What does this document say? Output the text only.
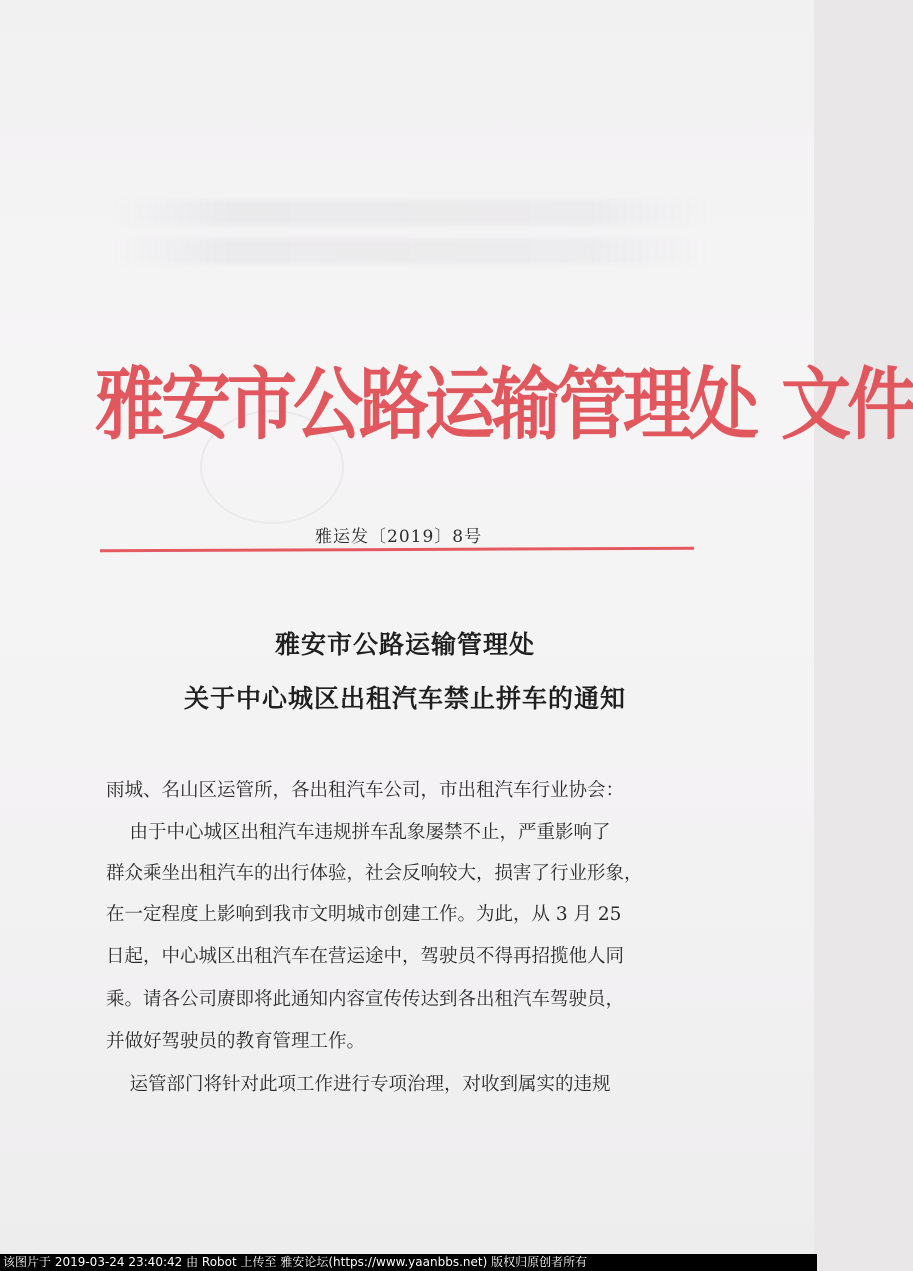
雅安市公路运输管理处 文件
雅运发〔2019〕8号
雅安市公路运输管理处
关于中心城区出租汽车禁止拼车的通知
雨城、名山区运管所，各出租汽车公司，市出租汽车行业协会：
由于中心城区出租汽车违规拼车乱象屡禁不止，严重影响了
群众乘坐出租汽车的出行体验，社会反响较大，损害了行业形象，
在一定程度上影响到我市文明城市创建工作。为此，从 3 月 25
日起，中心城区出租汽车在营运途中，驾驶员不得再招揽他人同
乘。请各公司赓即将此通知内容宣传传达到各出租汽车驾驶员，
并做好驾驶员的教育管理工作。
运管部门将针对此项工作进行专项治理，对收到属实的违规
该图片于 2019-03-24 23:40:42 由 Robot 上传至 雅安论坛(https://www.yaanbbs.net) 版权归原创者所有
